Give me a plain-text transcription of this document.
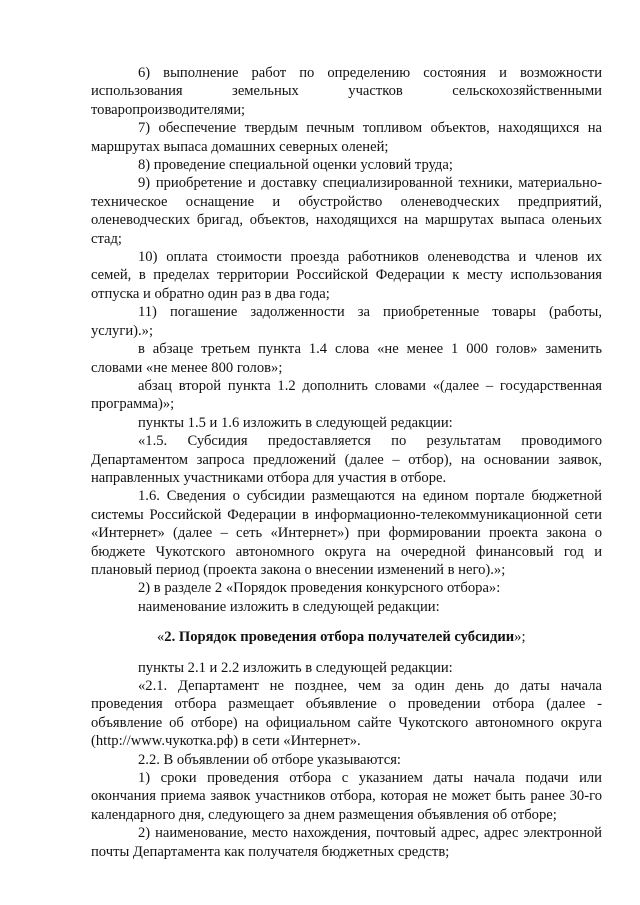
6) выполнение работ по определению состояния и возможности использования земельных участков сельскохозяйственными товаропроизводителями;

7) обеспечение твердым печным топливом объектов, находящихся на маршрутах выпаса домашних северных оленей;

8) проведение специальной оценки условий труда;

9) приобретение и доставку специализированной техники, материально-техническое оснащение и обустройство оленеводческих предприятий, оленеводческих бригад, объектов, находящихся на маршрутах выпаса оленьих стад;

10) оплата стоимости проезда работников оленеводства и членов их семей, в пределах территории Российской Федерации к месту использования отпуска и обратно один раз в два года;

11) погашение задолженности за приобретенные товары (работы, услуги).»;

в абзаце третьем пункта 1.4 слова «не менее 1 000 голов» заменить словами «не менее 800 голов»;

абзац второй пункта 1.2 дополнить словами «(далее – государственная программа)»;

пункты 1.5 и 1.6 изложить в следующей редакции:

«1.5. Субсидия предоставляется по результатам проводимого Департаментом запроса предложений (далее – отбор), на основании заявок, направленных участниками отбора для участия в отборе.

1.6. Сведения о субсидии размещаются на едином портале бюджетной системы Российской Федерации в информационно-телекоммуникационной сети «Интернет» (далее – сеть «Интернет») при формировании проекта закона о бюджете Чукотского автономного округа на очередной финансовый год и плановый период (проекта закона о внесении изменений в него).»;

2) в разделе 2 «Порядок проведения конкурсного отбора»:

наименование изложить в следующей редакции:

«2. Порядок проведения отбора получателей субсидии»;

пункты 2.1 и 2.2 изложить в следующей редакции:

«2.1. Департамент не позднее, чем за один день до даты начала проведения отбора размещает объявление о проведении отбора (далее - объявление об отборе) на официальном сайте Чукотского автономного округа (http://www.чукотка.рф) в сети «Интернет».

2.2. В объявлении об отборе указываются:

1) сроки проведения отбора с указанием даты начала подачи или окончания приема заявок участников отбора, которая не может быть ранее 30-го календарного дня, следующего за днем размещения объявления об отборе;

2) наименование, место нахождения, почтовый адрес, адрес электронной почты Департамента как получателя бюджетных средств;
